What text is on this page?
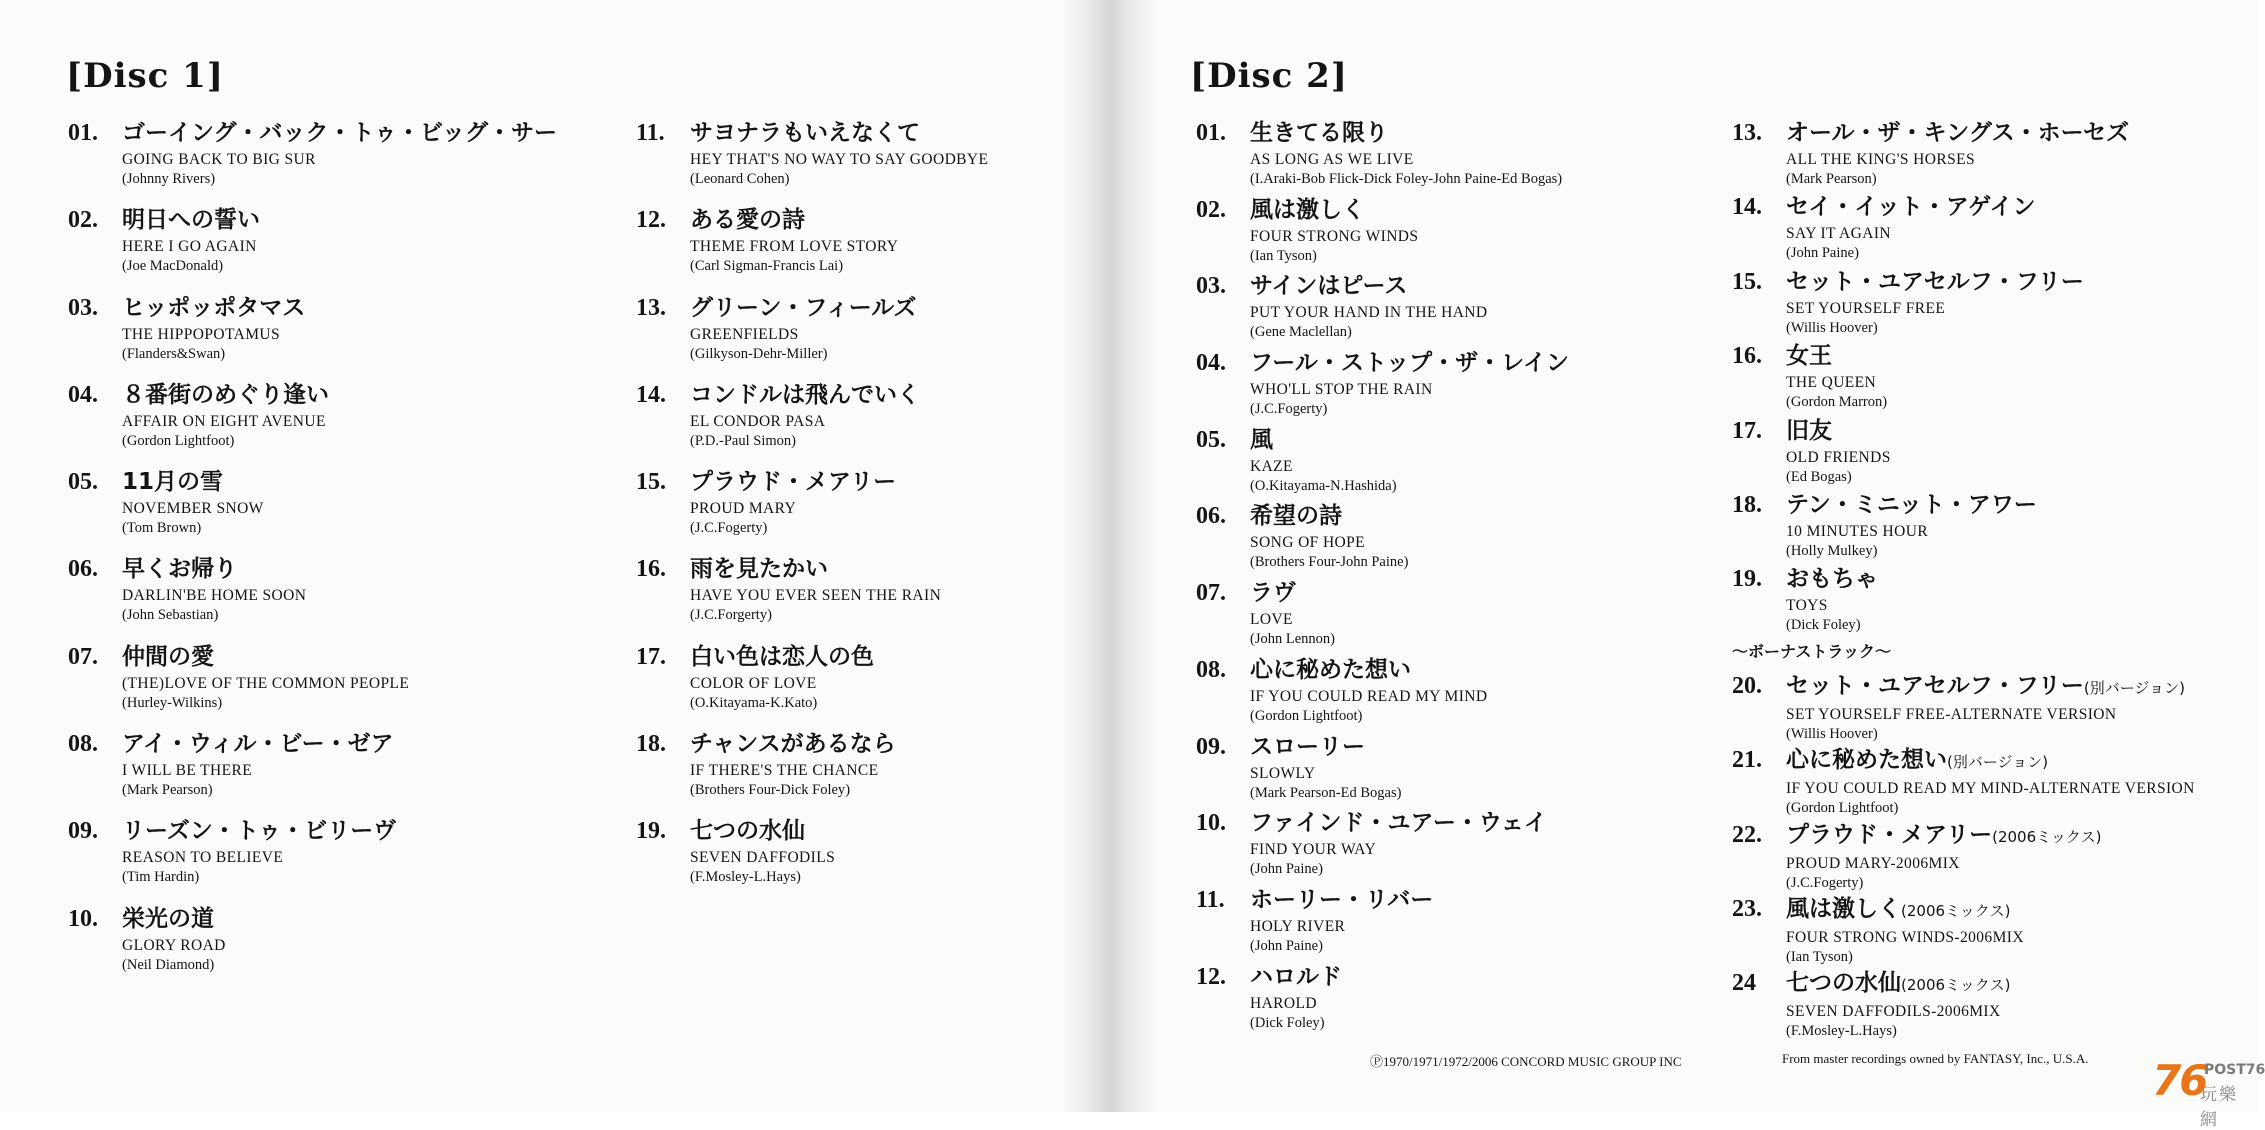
[Disc 1]	[Disc 2]
01. ゴーイング・バック・トゥ・ビッグ・サー
GOING BACK TO BIG SUR
( Johnny Rivers )
02. 明日への誓い
HERE I GO AGAIN
( Joe MacDonald )
03. ヒッポッポタマス
THE HIPPOPOTAMUS
( Flanders&Swan )
04. ８番街のめぐり逢い
AFFAIR ON EIGHT AVENUE
( Gordon Lightfoot )
05. 11月の雪
NOVEMBER SNOW
( Tom Brown )
06. 早くお帰り
DARLIN'BE HOME SOON
( John Sebastian )
07. 仲間の愛
(THE)LOVE OF THE COMMON PEOPLE
( Hurley-Wilkins )
08. アイ・ウィル・ビー・ゼア
I WILL BE THERE
( Mark Pearson )
09. リーズン・トゥ・ビリーヴ
REASON TO BELIEVE
( Tim Hardin )
10. 栄光の道
GLORY ROAD
( Neil Diamond )
11. サヨナラもいえなくて
HEY THAT'S NO WAY TO SAY GOODBYE
( Leonard Cohen )
12. ある愛の詩
THEME FROM LOVE STORY
( Carl Sigman-Francis Lai )
13. グリーン・フィールズ
GREENFIELDS
( Gilkyson-Dehr-Miller )
14. コンドルは飛んでいく
EL CONDOR PASA
( P.D.-Paul Simon )
15. プラウド・メアリー
PROUD MARY
( J.C.Fogerty )
16. 雨を見たかい
HAVE YOU EVER SEEN THE RAIN
( J.C.Forgerty )
17. 白い色は恋人の色
COLOR OF LOVE
( O.Kitayama-K.Kato )
18. チャンスがあるなら
IF THERE'S THE CHANCE
( Brothers Four-Dick Foley )
19. 七つの水仙
SEVEN DAFFODILS
( F.Mosley-L.Hays )
01. 生きてる限り
AS LONG AS WE LIVE
( I.Araki-Bob Flick-Dick Foley-John Paine-Ed Bogas )
02. 風は激しく
FOUR STRONG WINDS
( Ian Tyson )
03. サインはピース
PUT YOUR HAND IN THE HAND
( Gene Maclellan )
04. フール・ストップ・ザ・レイン
WHO'LL STOP THE RAIN
( J.C.Fogerty )
05. 風
KAZE
( O.Kitayama-N.Hashida )
06. 希望の詩
SONG OF HOPE
( Brothers Four-John Paine )
07. ラヴ
LOVE
( John Lennon )
08. 心に秘めた想い
IF YOU COULD READ MY MIND
( Gordon Lightfoot )
09. スローリー
SLOWLY
( Mark Pearson-Ed Bogas )
10. ファインド・ユアー・ウェイ
FIND YOUR WAY
( John Paine )
11. ホーリー・リバー
HOLY RIVER
( John Paine )
12. ハロルド
HAROLD
( Dick Foley )
13. オール・ザ・キングス・ホーセズ
ALL THE KING'S HORSES
( Mark Pearson )
14. セイ・イット・アゲイン
SAY IT AGAIN
( John Paine )
15. セット・ユアセルフ・フリー
SET YOURSELF FREE
( Willis Hoover )
16. 女王
THE QUEEN
( Gordon Marron )
17. 旧友
OLD FRIENDS
( Ed Bogas )
18. テン・ミニット・アワー
10 MINUTES HOUR
( Holly Mulkey )
19. おもちゃ
TOYS
( Dick Foley )
〜ボーナストラック〜
20. セット・ユアセルフ・フリー(別バージョン)
SET YOURSELF FREE-ALTERNATE VERSION
( Willis Hoover )
21. 心に秘めた想い(別バージョン)
IF YOU COULD READ MY MIND-ALTERNATE VERSION
( Gordon Lightfoot )
22. プラウド・メアリー(2006ミックス)
PROUD MARY-2006MIX
( J.C.Fogerty )
23. 風は激しく(2006ミックス)
FOUR STRONG WINDS-2006MIX
( Ian Tyson )
24 七つの水仙(2006ミックス)
SEVEN DAFFODILS-2006MIX
( F.Mosley-L.Hays )
Ⓟ1970/1971/1972/2006 CONCORD MUSIC GROUP INC	From master recordings owned by FANTASY, Inc., U.S.A. 76
POST76
玩樂網
